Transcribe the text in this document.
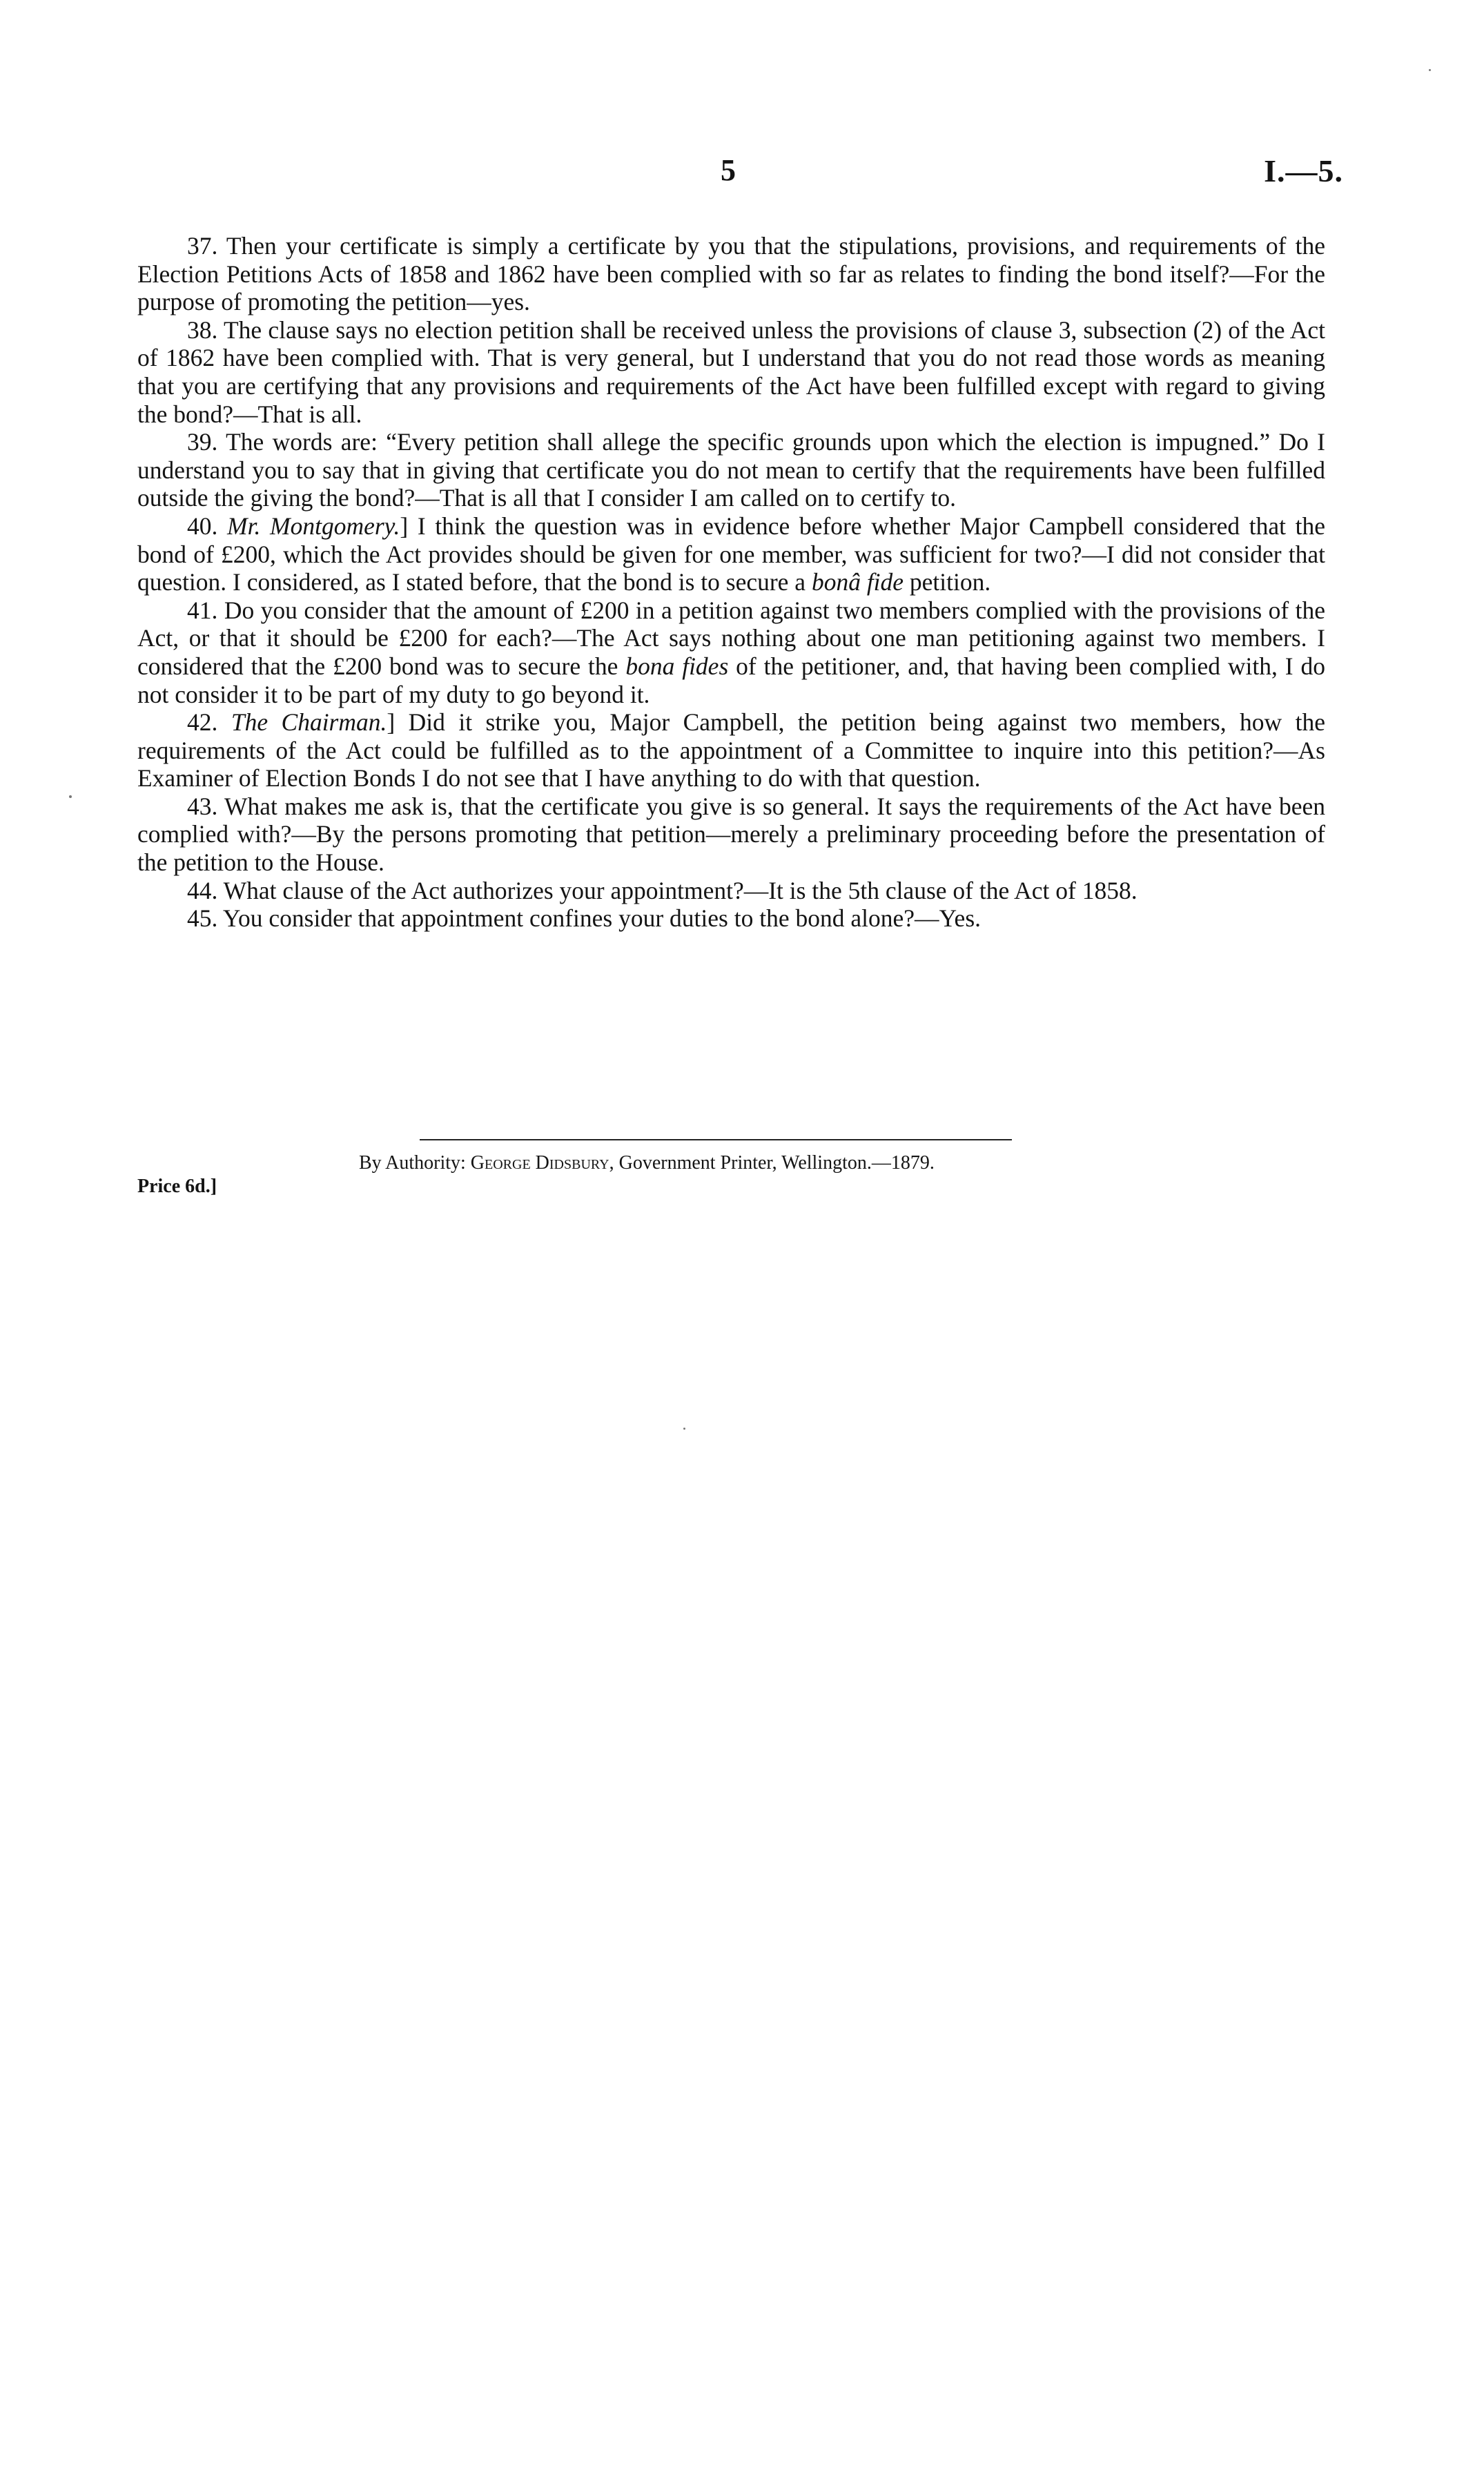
5	I.—5.

37. Then your certificate is simply a certificate by you that the stipulations, provisions, and requirements of the Election Petitions Acts of 1858 and 1862 have been complied with so far as relates to finding the bond itself?—For the purpose of promoting the petition—yes.

38. The clause says no election petition shall be received unless the provisions of clause 3, subsection (2) of the Act of 1862 have been complied with. That is very general, but I understand that you do not read those words as meaning that you are certifying that any provisions and requirements of the Act have been fulfilled except with regard to giving the bond?—That is all.

39. The words are: “Every petition shall allege the specific grounds upon which the election is impugned.” Do I understand you to say that in giving that certificate you do not mean to certify that the requirements have been fulfilled outside the giving the bond?—That is all that I consider I am called on to certify to.

40. Mr. Montgomery.] I think the question was in evidence before whether Major Campbell considered that the bond of £200, which the Act provides should be given for one member, was sufficient for two?—I did not consider that question. I considered, as I stated before, that the bond is to secure a bonâ fide petition.

41. Do you consider that the amount of £200 in a petition against two members complied with the provisions of the Act, or that it should be £200 for each?—The Act says nothing about one man petitioning against two members. I considered that the £200 bond was to secure the bona fides of the petitioner, and, that having been complied with, I do not consider it to be part of my duty to go beyond it.

42. The Chairman.] Did it strike you, Major Campbell, the petition being against two members, how the requirements of the Act could be fulfilled as to the appointment of a Committee to inquire into this petition?—As Examiner of Election Bonds I do not see that I have anything to do with that question.

43. What makes me ask is, that the certificate you give is so general. It says the requirements of the Act have been complied with?—By the persons promoting that petition—merely a preliminary proceeding before the presentation of the petition to the House.

44. What clause of the Act authorizes your appointment?—It is the 5th clause of the Act of 1858.

45. You consider that appointment confines your duties to the bond alone?—Yes.

By Authority: George Didsbury, Government Printer, Wellington.—1879.
Price 6d.]
